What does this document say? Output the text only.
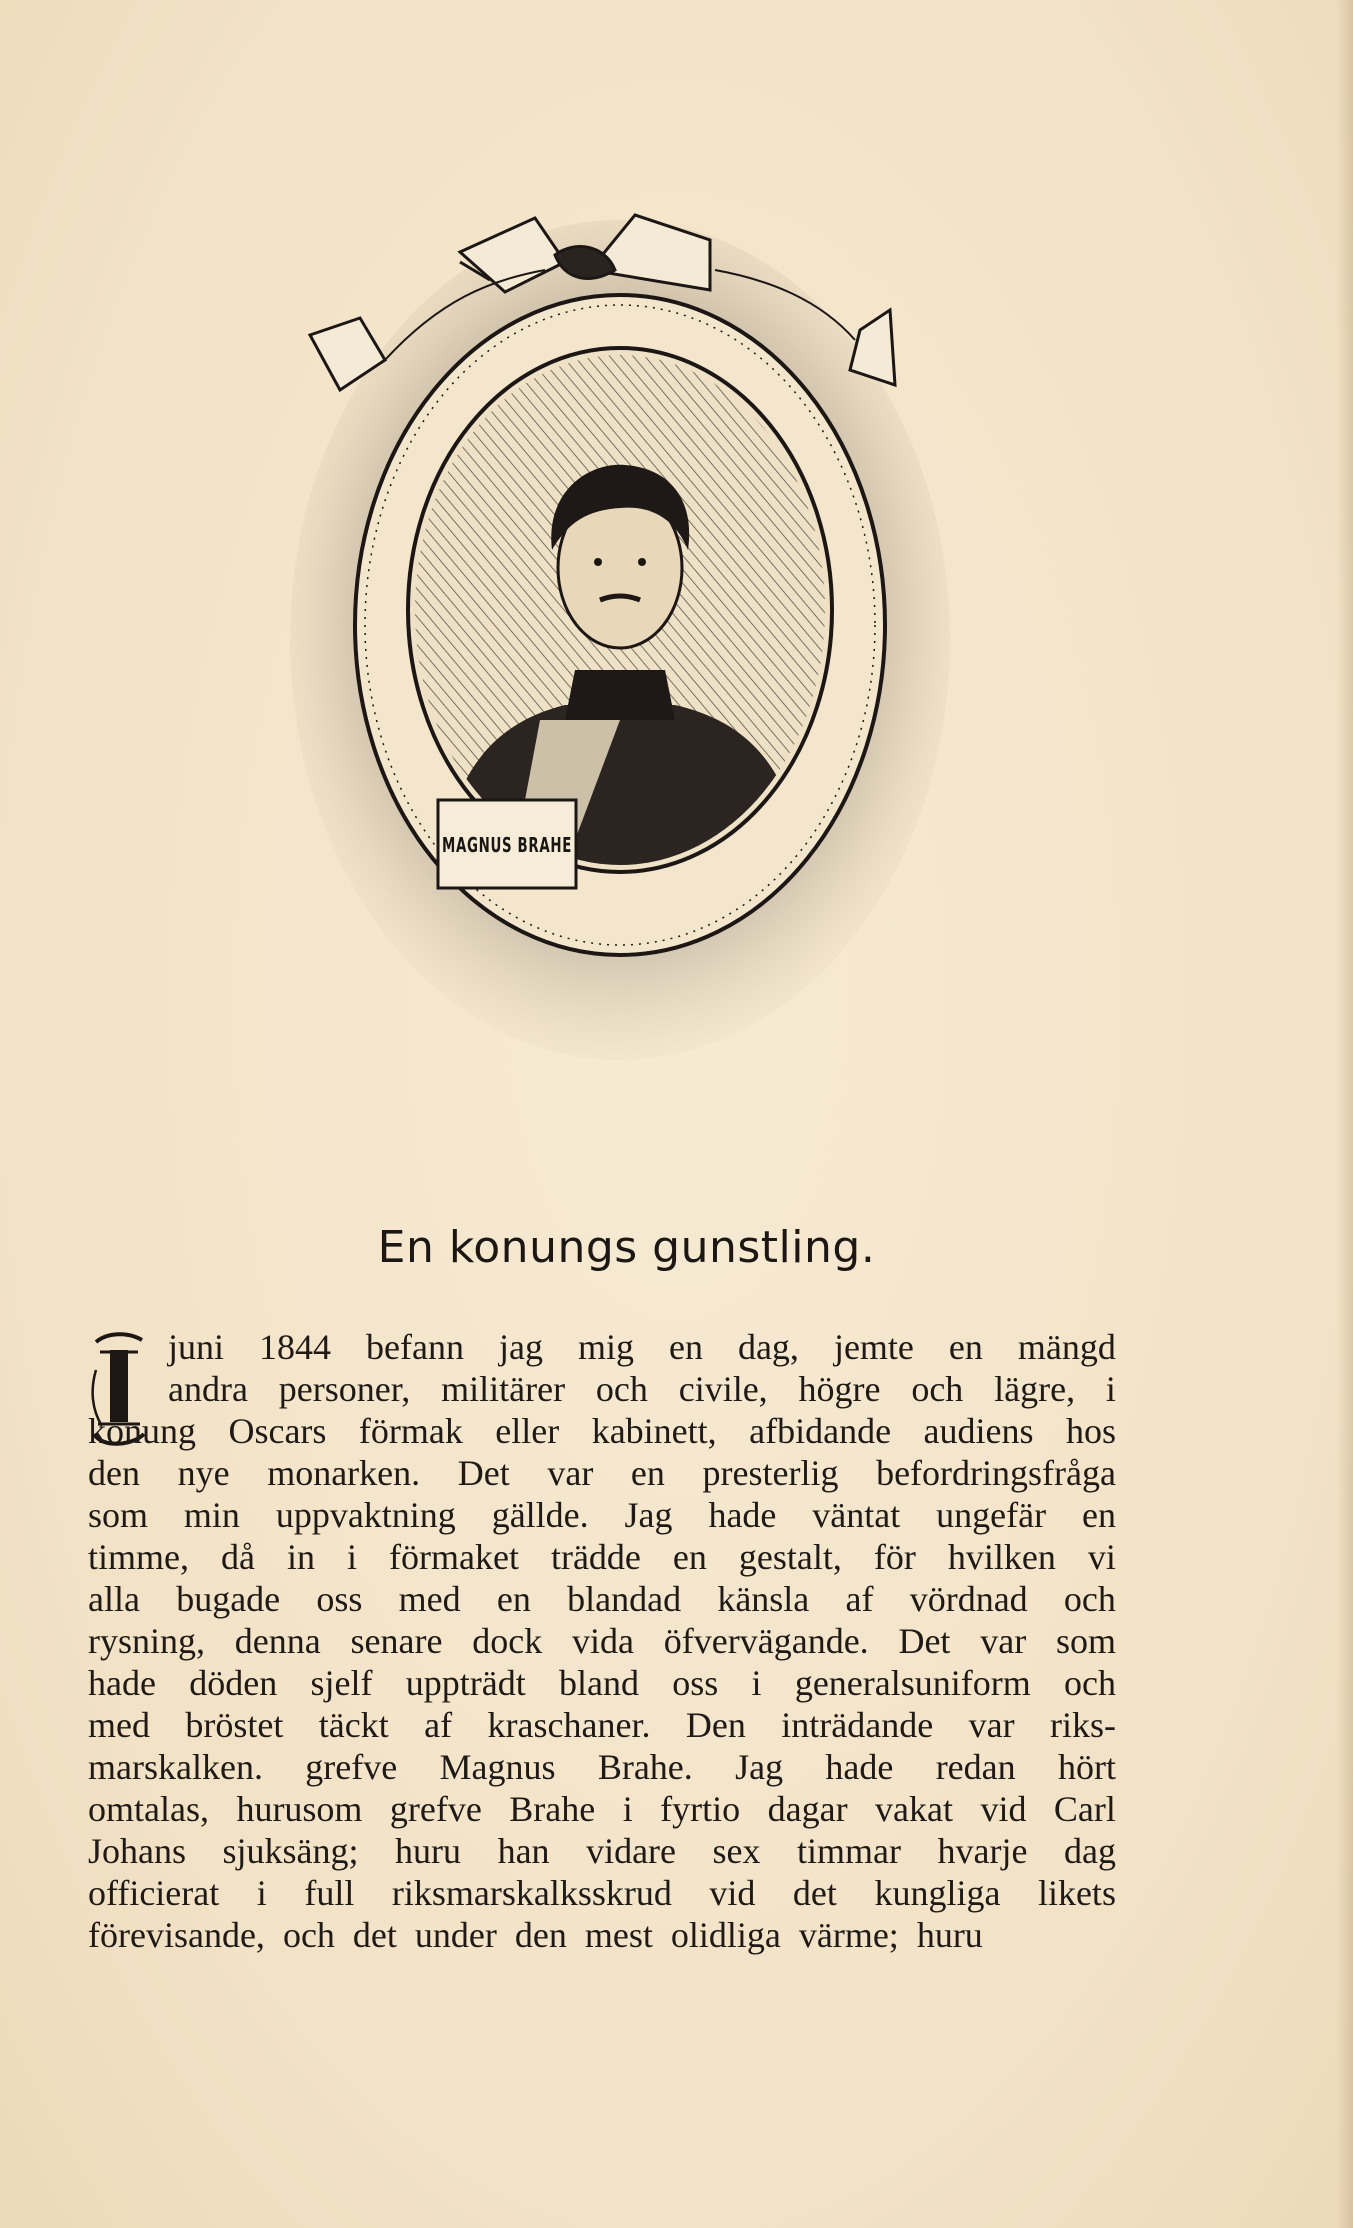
MAGNUS BRAHE
En konungs gunstling.
juni 1844 befann jag mig en dag, jemte en mängd
andra personer, militärer och civile, högre och lägre, i
konung Oscars förmak eller kabinett, afbidande audiens hos
den nye monarken. Det var en presterlig befordringsfråga
som min uppvaktning gällde. Jag hade väntat ungefär en
timme, då in i förmaket trädde en gestalt, för hvilken vi
alla bugade oss med en blandad känsla af vördnad och
rysning, denna senare dock vida öfvervägande. Det var som
hade döden sjelf uppträdt bland oss i generalsuniform och
med bröstet täckt af kraschaner. Den inträdande var riks-
marskalken. grefve Magnus Brahe. Jag hade redan hört
omtalas, hurusom grefve Brahe i fyrtio dagar vakat vid Carl
Johans sjuksäng; huru han vidare sex timmar hvarje dag
officierat i full riksmarskalksskrud vid det kungliga likets
förevisande, och det under den mest olidliga värme; huru
